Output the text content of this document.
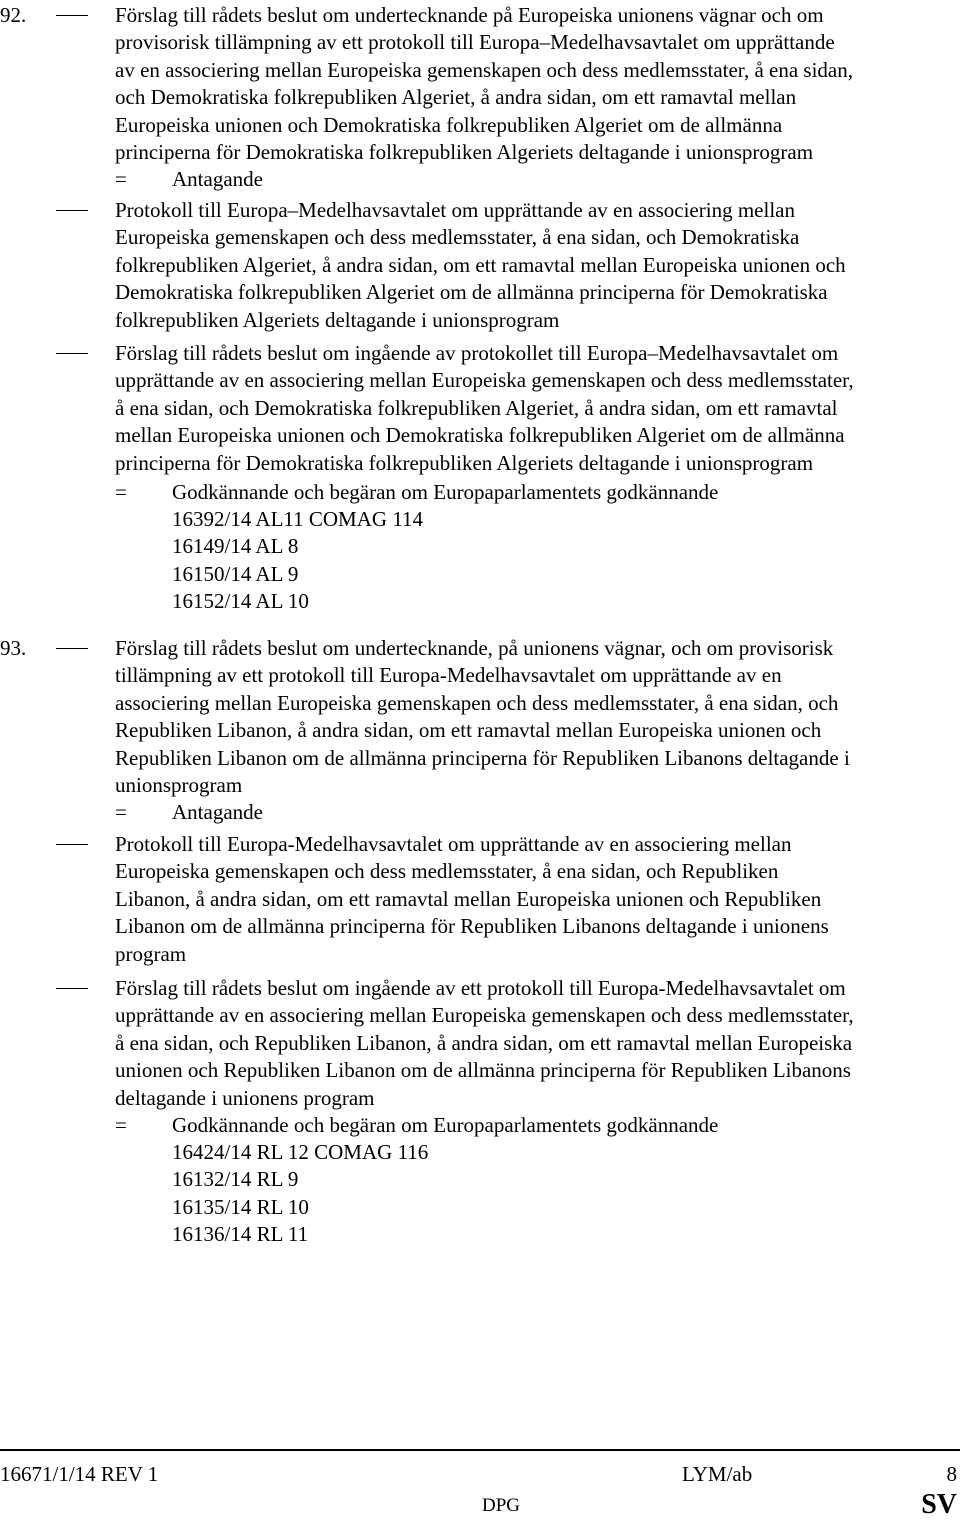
92.	Förslag till rådets beslut om undertecknande på Europeiska unionens vägnar och om
provisorisk tillämpning av ett protokoll till Europa–Medelhavsavtalet om upprättande
av en associering mellan Europeiska gemenskapen och dess medlemsstater, å ena sidan,
och Demokratiska folkrepubliken Algeriet, å andra sidan, om ett ramavtal mellan
Europeiska unionen och Demokratiska folkrepubliken Algeriet om de allmänna
principerna för Demokratiska folkrepubliken Algeriets deltagande i unionsprogram
= Antagande
Protokoll till Europa–Medelhavsavtalet om upprättande av en associering mellan
Europeiska gemenskapen och dess medlemsstater, å ena sidan, och Demokratiska
folkrepubliken Algeriet, å andra sidan, om ett ramavtal mellan Europeiska unionen och
Demokratiska folkrepubliken Algeriet om de allmänna principerna för Demokratiska
folkrepubliken Algeriets deltagande i unionsprogram
Förslag till rådets beslut om ingående av protokollet till Europa–Medelhavsavtalet om
upprättande av en associering mellan Europeiska gemenskapen och dess medlemsstater,
å ena sidan, och Demokratiska folkrepubliken Algeriet, å andra sidan, om ett ramavtal
mellan Europeiska unionen och Demokratiska folkrepubliken Algeriet om de allmänna
principerna för Demokratiska folkrepubliken Algeriets deltagande i unionsprogram
= Godkännande och begäran om Europaparlamentets godkännande
16392/14 AL11 COMAG 114
16149/14 AL 8
16150/14 AL 9
16152/14 AL 10
93.	Förslag till rådets beslut om undertecknande, på unionens vägnar, och om provisorisk
tillämpning av ett protokoll till Europa-Medelhavsavtalet om upprättande av en
associering mellan Europeiska gemenskapen och dess medlemsstater, å ena sidan, och
Republiken Libanon, å andra sidan, om ett ramavtal mellan Europeiska unionen och
Republiken Libanon om de allmänna principerna för Republiken Libanons deltagande i
unionsprogram
= Antagande
Protokoll till Europa-Medelhavsavtalet om upprättande av en associering mellan
Europeiska gemenskapen och dess medlemsstater, å ena sidan, och Republiken
Libanon, å andra sidan, om ett ramavtal mellan Europeiska unionen och Republiken
Libanon om de allmänna principerna för Republiken Libanons deltagande i unionens
program
Förslag till rådets beslut om ingående av ett protokoll till Europa-Medelhavsavtalet om
upprättande av en associering mellan Europeiska gemenskapen och dess medlemsstater,
å ena sidan, och Republiken Libanon, å andra sidan, om ett ramavtal mellan Europeiska
unionen och Republiken Libanon om de allmänna principerna för Republiken Libanons
deltagande i unionens program
= Godkännande och begäran om Europaparlamentets godkännande
16424/14 RL 12 COMAG 116
16132/14 RL 9
16135/14 RL 10
16136/14 RL 11
16671/1/14 REV 1	LYM/ab	8
DPG	SV
